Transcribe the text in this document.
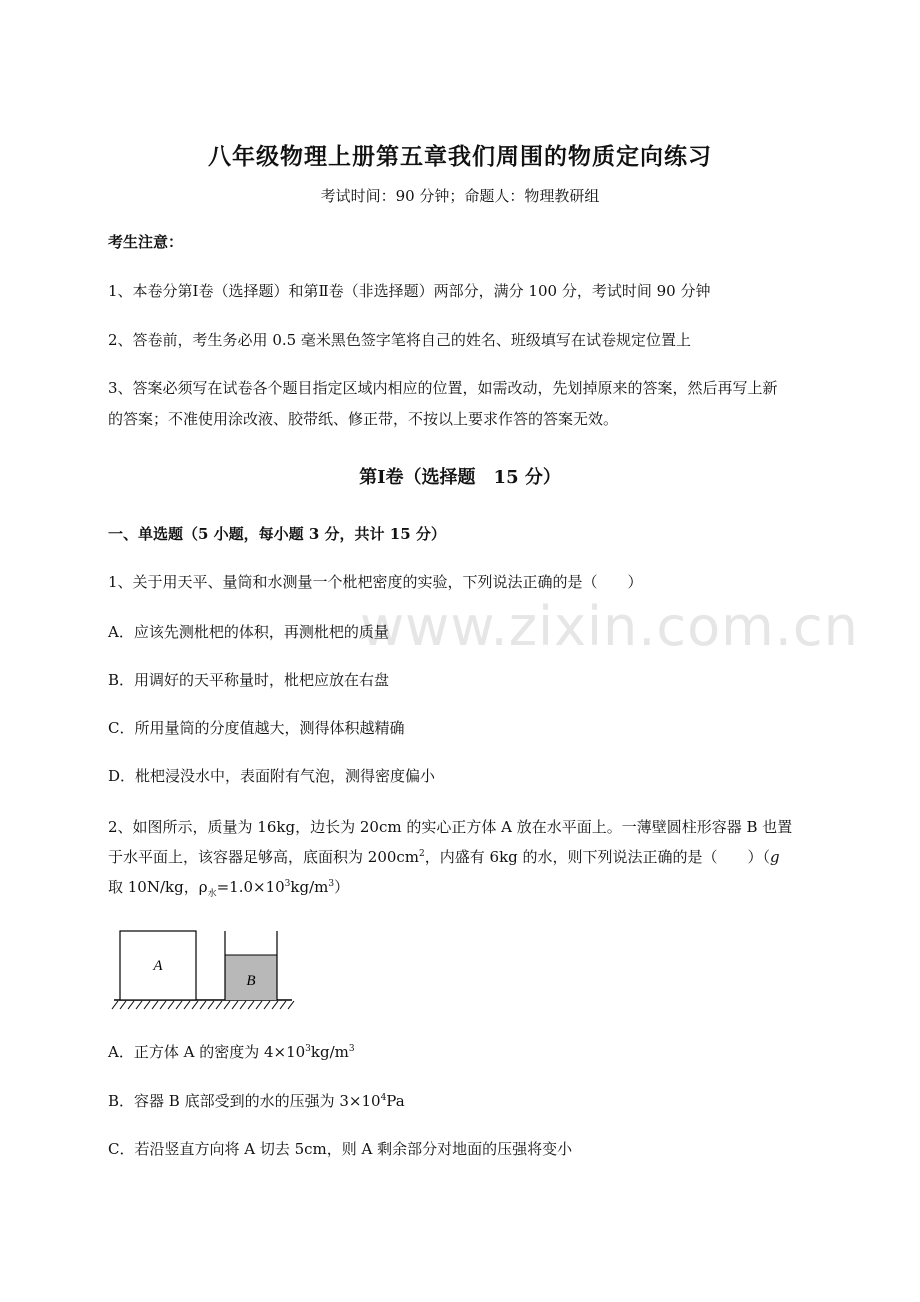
www.zixin.com.cn
八年级物理上册第五章我们周围的物质定向练习
考试时间：90 分钟；命题人：物理教研组
考生注意：
1、本卷分第Ⅰ卷（选择题）和第Ⅱ卷（非选择题）两部分，满分 100 分，考试时间 90 分钟
2、答卷前，考生务必用 0.5 毫米黑色签字笔将自己的姓名、班级填写在试卷规定位置上
3、答案必须写在试卷各个题目指定区域内相应的位置，如需改动，先划掉原来的答案，然后再写上新
的答案；不准使用涂改液、胶带纸、修正带，不按以上要求作答的答案无效。
第Ⅰ卷（选择题　15 分）
一、单选题（5 小题，每小题 3 分，共计 15 分）
1、关于用天平、量筒和水测量一个枇杷密度的实验，下列说法正确的是（　　）
A．应该先测枇杷的体积，再测枇杷的质量
B．用调好的天平称量时，枇杷应放在右盘
C．所用量筒的分度值越大，测得体积越精确
D．枇杷浸没水中，表面附有气泡，测得密度偏小
2、如图所示，质量为 16kg，边长为 20cm 的实心正方体 A 放在水平面上。一薄壁圆柱形容器 B 也置
于水平面上，该容器足够高，底面积为 $200cm^2$，内盛有 6kg 的水，则下列说法正确的是（　　）（g
取 10N/kg，$\rho_水=1.0\times 10^3kg/m^3$）
A
B
A．正方体 A 的密度为 $4\times 10^3kg/m^3$
B．容器 B 底部受到的水的压强为 $3\times 10^4Pa$
C．若沿竖直方向将 A 切去 5cm，则 A 剩余部分对地面的压强将变小
